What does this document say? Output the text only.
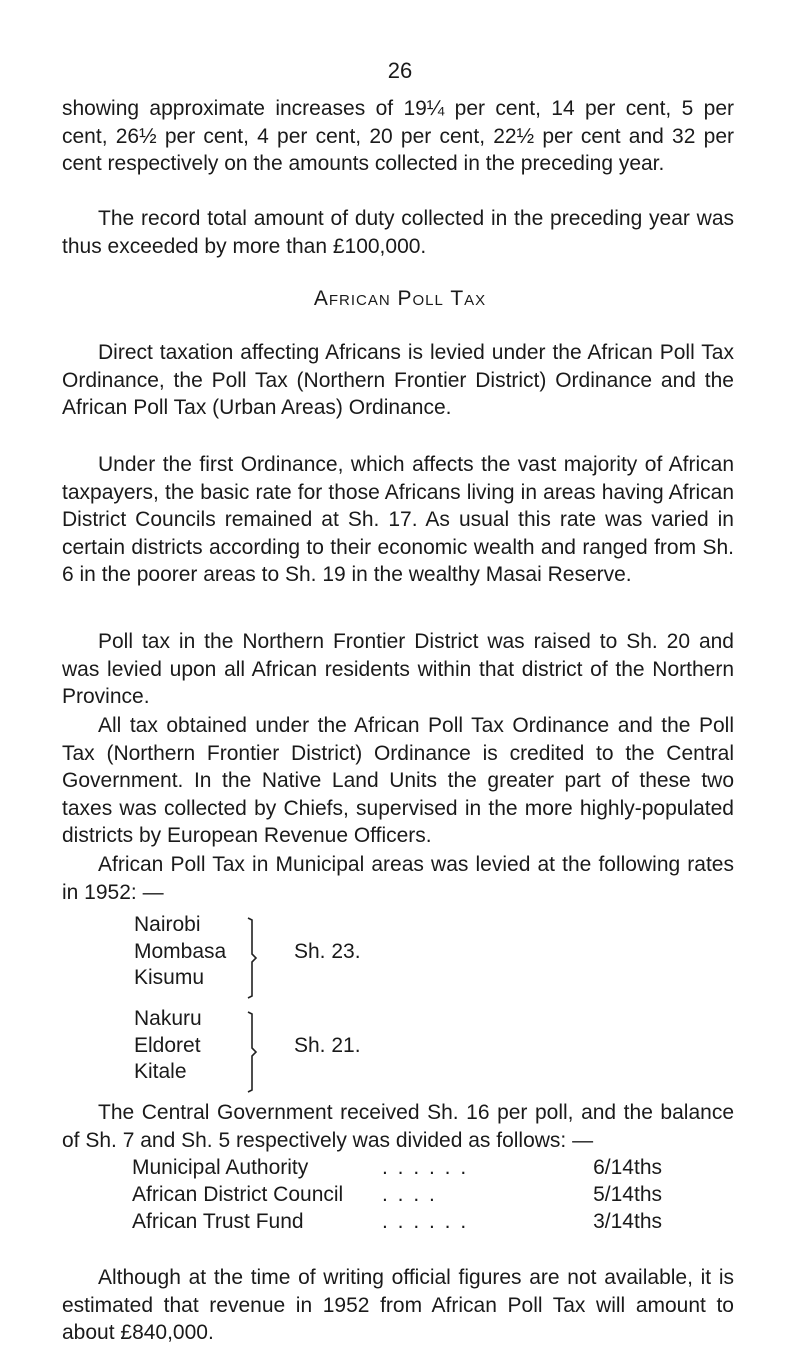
26

showing approximate increases of 19¼ per cent, 14 per cent, 5 per cent, 26½ per cent, 4 per cent, 20 per cent, 22½ per cent and 32 per cent respectively on the amounts collected in the preceding year.

The record total amount of duty collected in the preceding year was thus exceeded by more than £100,000.

African Poll Tax

Direct taxation affecting Africans is levied under the African Poll Tax Ordinance, the Poll Tax (Northern Frontier District) Ordinance and the African Poll Tax (Urban Areas) Ordinance.

Under the first Ordinance, which affects the vast majority of African taxpayers, the basic rate for those Africans living in areas having African District Councils remained at Sh. 17. As usual this rate was varied in certain districts according to their economic wealth and ranged from Sh. 6 in the poorer areas to Sh. 19 in the wealthy Masai Reserve.

Poll tax in the Northern Frontier District was raised to Sh. 20 and was levied upon all African residents within that district of the Northern Province.

All tax obtained under the African Poll Tax Ordinance and the Poll Tax (Northern Frontier District) Ordinance is credited to the Central Government. In the Native Land Units the greater part of these two taxes was collected by Chiefs, supervised in the more highly-populated districts by European Revenue Officers.

African Poll Tax in Municipal areas was levied at the following rates in 1952: —

Nairobi
Mombasa
Kisumu
Sh. 23.
Nakuru
Eldoret
Kitale
Sh. 21.

The Central Government received Sh. 16 per poll, and the balance of Sh. 7 and Sh. 5 respectively was divided as follows: —

Municipal Authority	. . . . . .	6/14ths
African District Council	. . . .	5/14ths
African Trust Fund	. . . . . .	3/14ths

Although at the time of writing official figures are not available, it is estimated that revenue in 1952 from African Poll Tax will amount to about £840,000.
